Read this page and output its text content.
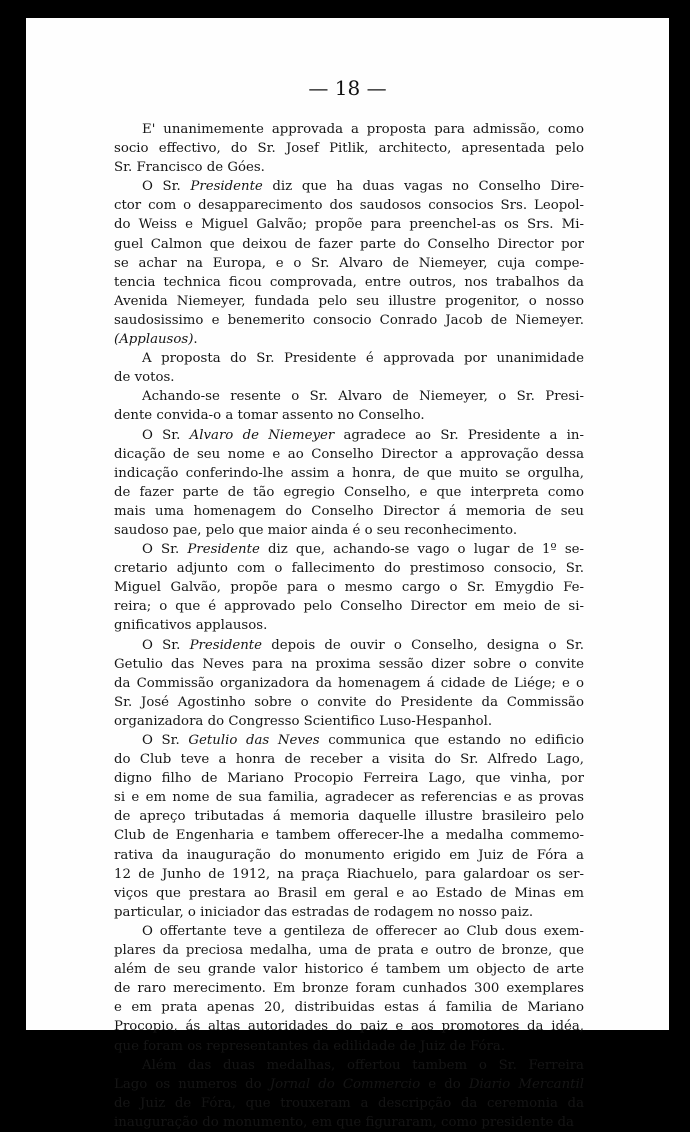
— 18 —
E' unanimemente approvada a proposta para admissão, como
socio effectivo, do Sr. Josef Pitlik, architecto, apresentada pelo
Sr. Francisco de Góes.
O Sr. Presidente diz que ha duas vagas no Conselho Dire-
ctor com o desapparecimento dos saudosos consocios Srs. Leopol-
do Weiss e Miguel Galvão; propõe para preenchel-as os Srs. Mi-
guel Calmon que deixou de fazer parte do Conselho Director por
se achar na Europa, e o Sr. Alvaro de Niemeyer, cuja compe-
tencia technica ficou comprovada, entre outros, nos trabalhos da
Avenida Niemeyer, fundada pelo seu illustre progenitor, o nosso
saudosissimo e benemerito consocio Conrado Jacob de Niemeyer.
(Applausos).
A proposta do Sr. Presidente é approvada por unanimidade
de votos.
Achando-se resente o Sr. Alvaro de Niemeyer, o Sr. Presi-
dente convida-o a tomar assento no Conselho.
O Sr. Alvaro de Niemeyer agradece ao Sr. Presidente a in-
dicação de seu nome e ao Conselho Director a approvação dessa
indicação conferindo-lhe assim a honra, de que muito se orgulha,
de fazer parte de tão egregio Conselho, e que interpreta como
mais uma homenagem do Conselho Director á memoria de seu
saudoso pae, pelo que maior ainda é o seu reconhecimento.
O Sr. Presidente diz que, achando-se vago o lugar de 1º se-
cretario adjunto com o fallecimento do prestimoso consocio, Sr.
Miguel Galvão, propõe para o mesmo cargo o Sr. Emygdio Fe-
reira; o que é approvado pelo Conselho Director em meio de si-
gnificativos applausos.
O Sr. Presidente depois de ouvir o Conselho, designa o Sr.
Getulio das Neves para na proxima sessão dizer sobre o convite
da Commissão organizadora da homenagem á cidade de Liége; e o
Sr. José Agostinho sobre o convite do Presidente da Commissão
organizadora do Congresso Scientifico Luso-Hespanhol.
O Sr. Getulio das Neves communica que estando no edificio
do Club teve a honra de receber a visita do Sr. Alfredo Lago,
digno filho de Mariano Procopio Ferreira Lago, que vinha, por
si e em nome de sua familia, agradecer as referencias e as provas
de apreço tributadas á memoria daquelle illustre brasileiro pelo
Club de Engenharia e tambem offerecer-lhe a medalha commemo-
rativa da inauguração do monumento erigido em Juiz de Fóra a
12 de Junho de 1912, na praça Riachuelo, para galardoar os ser-
viços que prestara ao Brasil em geral e ao Estado de Minas em
particular, o iniciador das estradas de rodagem no nosso paiz.
O offertante teve a gentileza de offerecer ao Club dous exem-
plares da preciosa medalha, uma de prata e outro de bronze, que
além de seu grande valor historico é tambem um objecto de arte
de raro merecimento. Em bronze foram cunhados 300 exemplares
e em prata apenas 20, distribuidas estas á familia de Mariano
Procopio, ás altas autoridades do paiz e aos promotores da idéa,
que foram os representantes da edilidade de Juiz de Fóra.
Além das duas medalhas, offertou tambem o Sr. Ferreira
Lago os numeros do Jornal do Commercio e do Diario Mercantil
de Juiz de Fóra, que trouxeram a descripção da ceremonia da
inauguração do monumento, em que figuraram, como presidente da
